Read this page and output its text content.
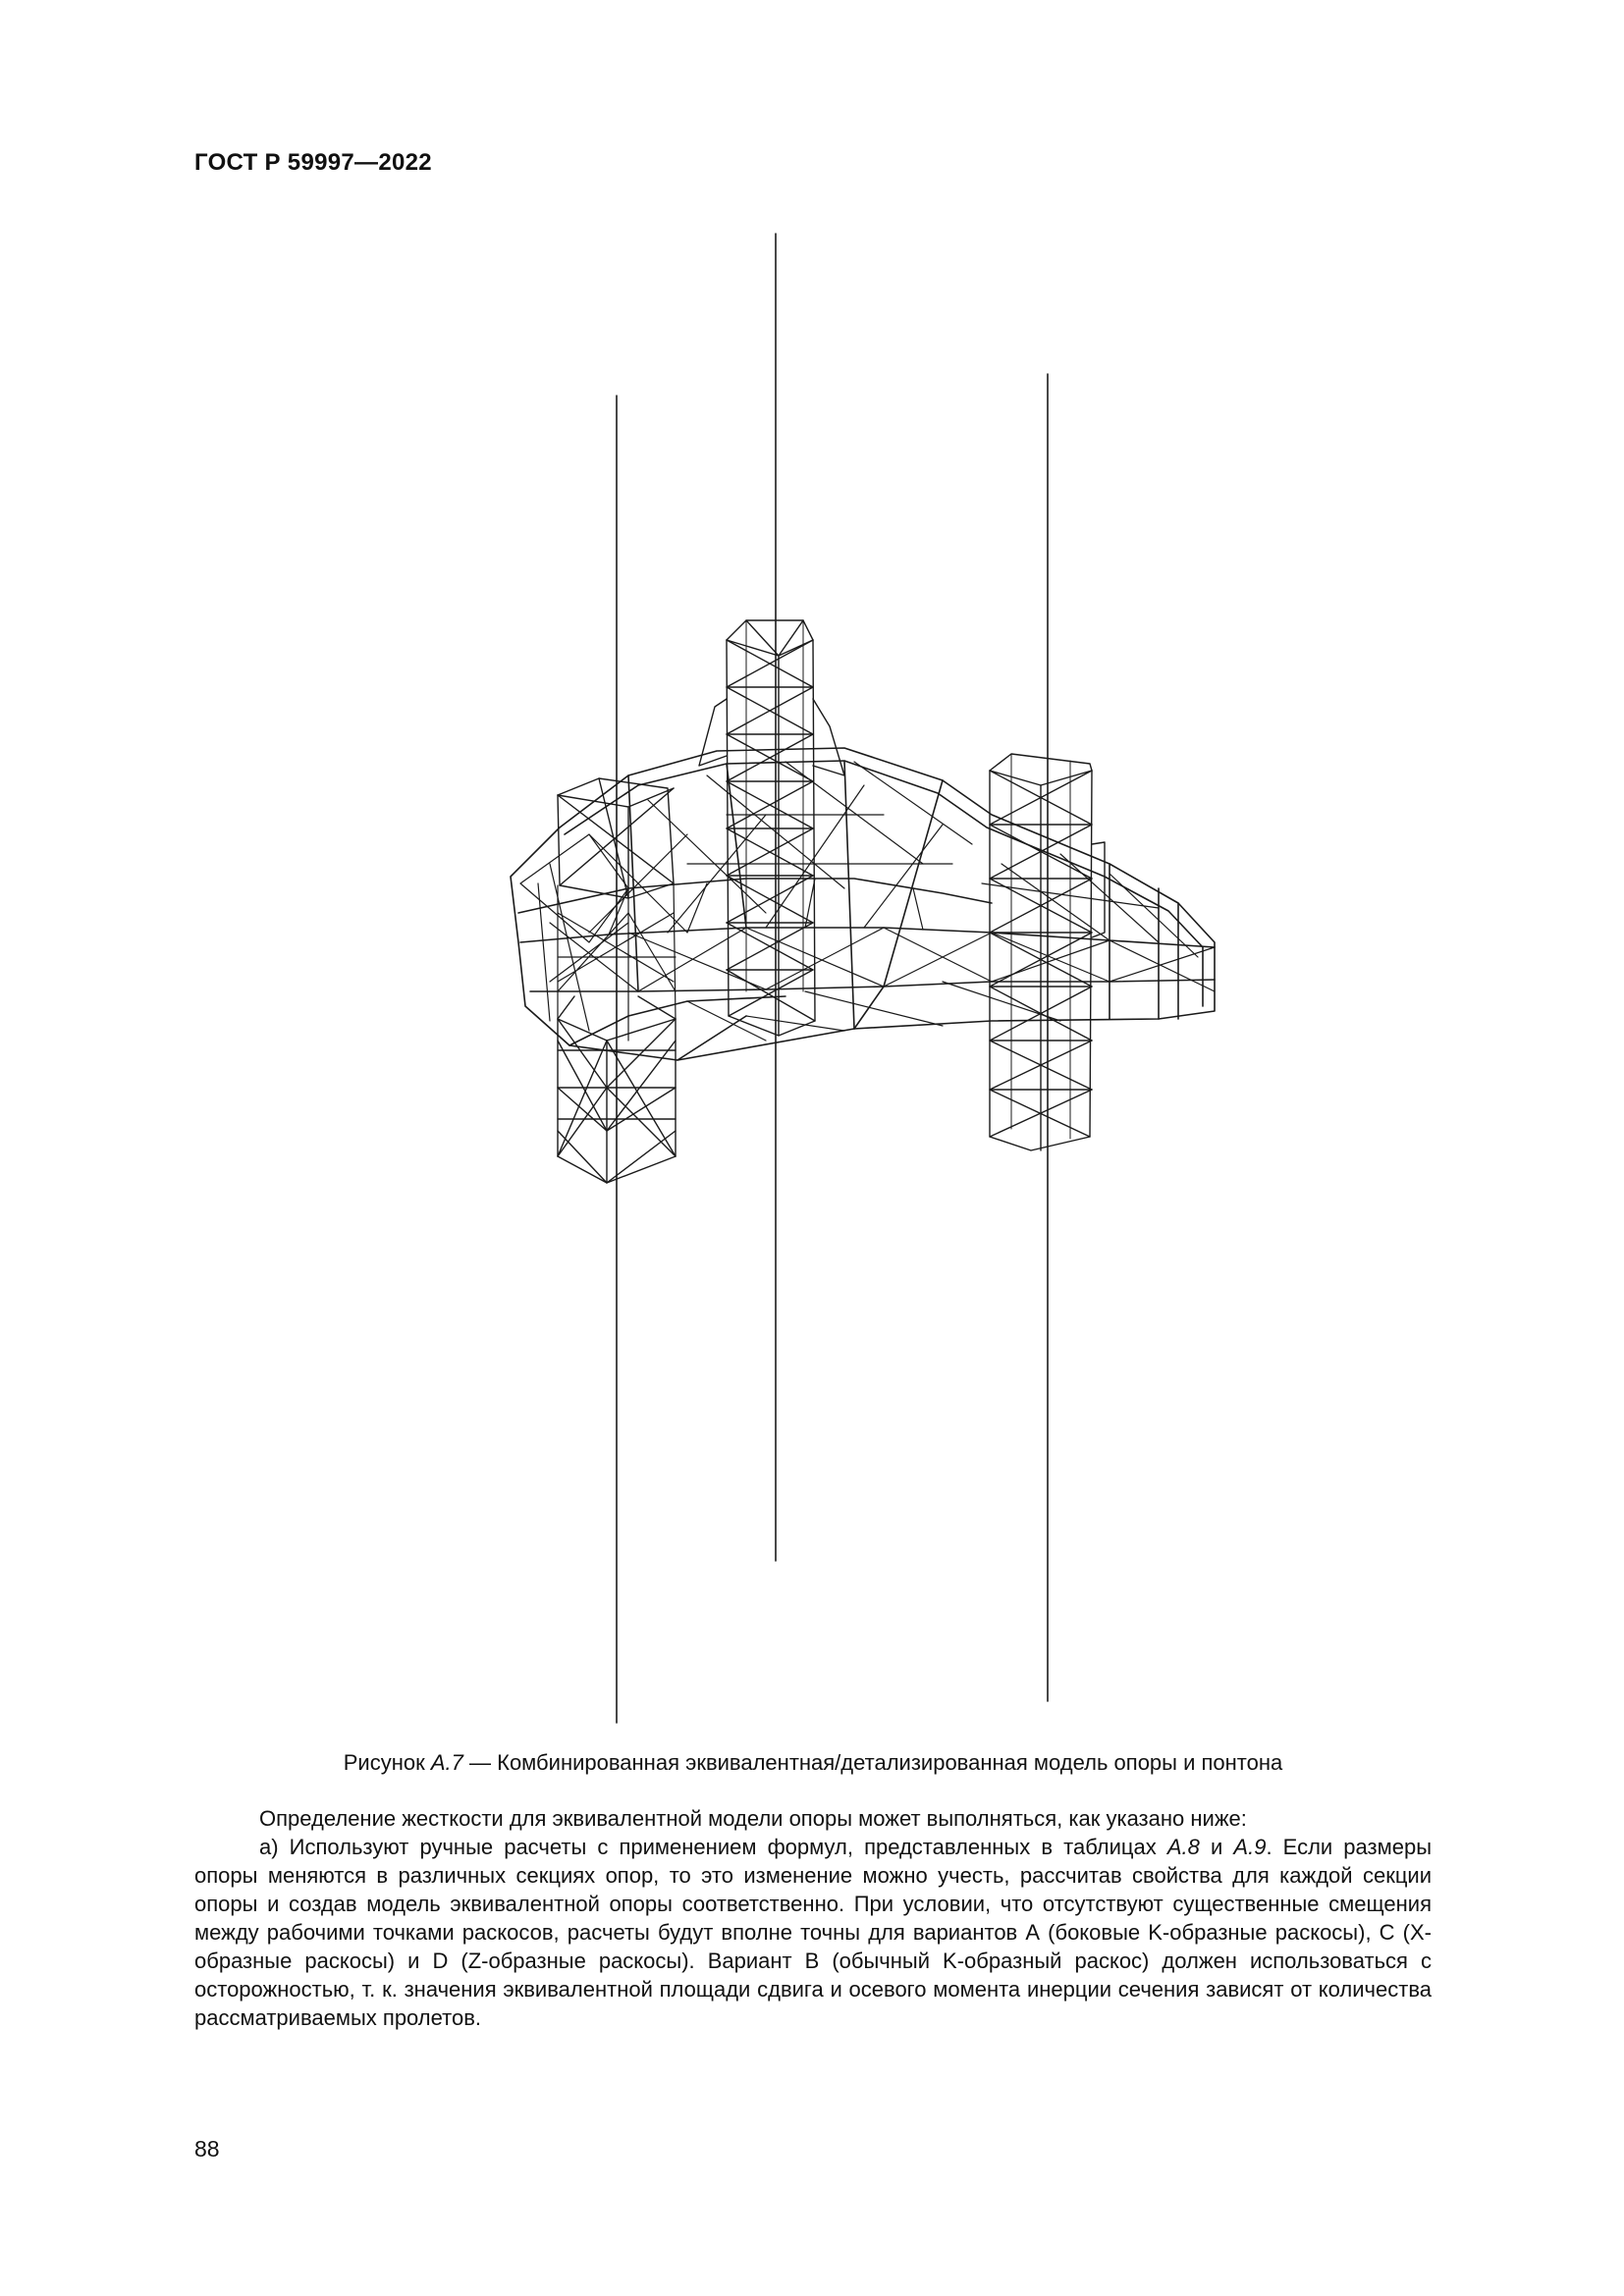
ГОСТ Р 59997—2022
Рисунок А.7 — Комбинированная эквивалентная/детализированная модель опоры и понтона

Определение жесткости для эквивалентной модели опоры может выполняться, как указано ниже:

а) Используют ручные расчеты с применением формул, представленных в таблицах А.8 и А.9. Если размеры опоры меняются в различных секциях опор, то это изменение можно учесть, рассчитав свойства для каждой секции опоры и создав модель эквивалентной опоры соответственно. При условии, что отсутствуют существенные смещения между рабочими точками раскосов, расчеты будут вполне точны для вариантов А (боковые K-образные раскосы), С (Х-образные раскосы) и D (Z-образные раскосы). Вариант В (обычный K-образный раскос) должен использоваться с осторожностью, т. к. значения эквивалентной площади сдвига и осевого момента инерции сечения зависят от количества рассматриваемых пролетов.

88
